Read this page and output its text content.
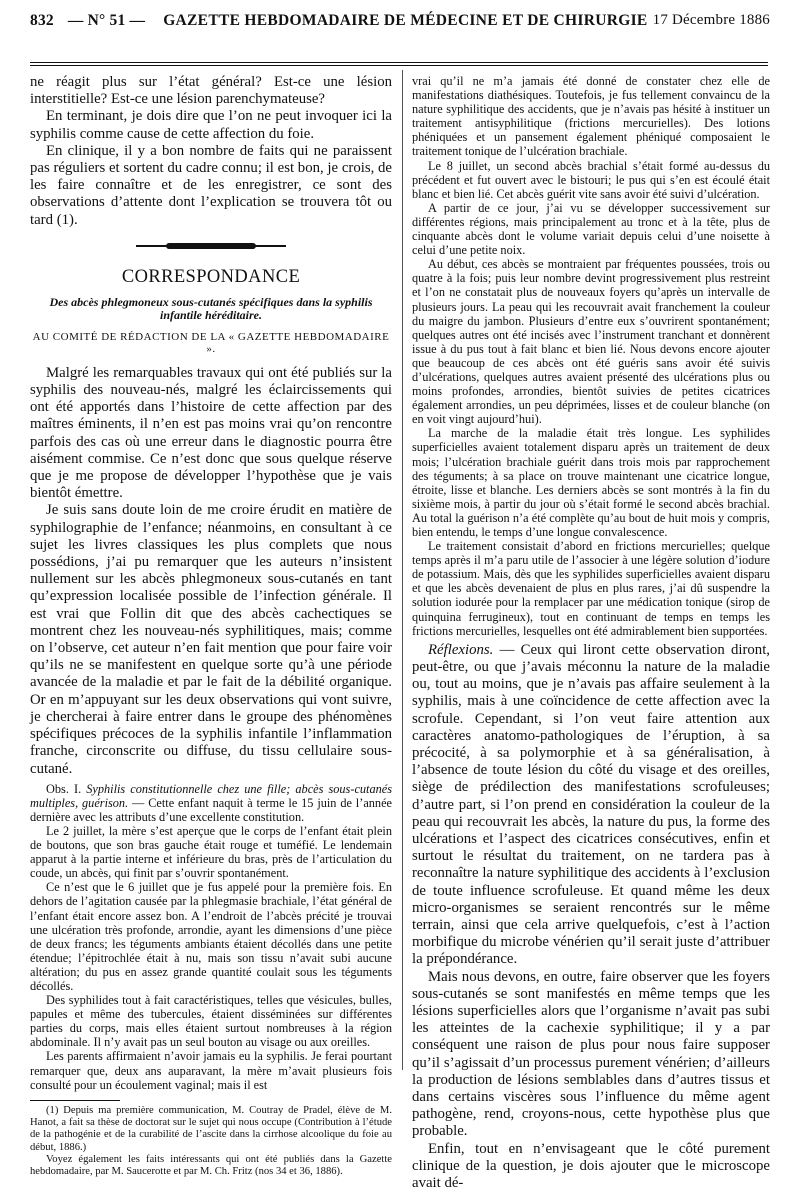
832 — N° 51 — GAZETTE HEBDOMADAIRE DE MÉDECINE ET DE CHIRURGIE 17 Décembre 1886

ne réagit plus sur l’état général? Est-ce une lésion interstitielle? Est-ce une lésion parenchymateuse?

En terminant, je dois dire que l’on ne peut invoquer ici la syphilis comme cause de cette affection du foie.

En clinique, il y a bon nombre de faits qui ne paraissent pas réguliers et sortent du cadre connu; il est bon, je crois, de les faire connaître et de les enregistrer, ce sont des observations d’attente dont l’explication se trouvera tôt ou tard (1).

CORRESPONDANCE
Des abcès phlegmoneux sous-cutanés spécifiques dans la syphilis infantile héréditaire.
AU COMITÉ DE RÉDACTION DE LA « GAZETTE HEBDOMADAIRE ».

Malgré les remarquables travaux qui ont été publiés sur la syphilis des nouveau-nés, malgré les éclaircissements qui ont été apportés dans l’histoire de cette affection par des maîtres éminents, il n’en est pas moins vrai qu’on rencontre parfois des cas où une erreur dans le diagnostic pourra être aisément commise. Ce n’est donc que sous quelque réserve que je me propose de développer l’hypothèse que je vais bientôt émettre.

Je suis sans doute loin de me croire érudit en matière de syphilographie de l’enfance; néanmoins, en consultant à ce sujet les livres classiques les plus complets que nous possédions, j’ai pu remarquer que les auteurs n’insistent nullement sur les abcès phlegmoneux sous-cutanés en tant qu’expression localisée possible de l’infection générale. Il est vrai que Follin dit que des abcès cachectiques se montrent chez les nouveau-nés syphilitiques, mais; comme on l’observe, cet auteur n’en fait mention que pour faire voir qu’ils ne se manifestent en quelque sorte qu’à une période avancée de la maladie et par le fait de la débilité organique. Or en m’appuyant sur les deux observations qui vont suivre, je chercherai à faire entrer dans le groupe des phénomènes spécifiques précoces de la syphilis infantile l’inflammation franche, circonscrite ou diffuse, du tissu cellulaire sous-cutané.

Obs. I. Syphilis constitutionnelle chez une fille; abcès sous-cutanés multiples, guérison. — Cette enfant naquit à terme le 15 juin de l’année dernière avec les attributs d’une excellente constitution.

Le 2 juillet, la mère s’est aperçue que le corps de l’enfant était plein de boutons, que son bras gauche était rouge et tuméfié. Le lendemain apparut à la partie interne et inférieure du bras, près de l’articulation du coude, un abcès, qui finit par s’ouvrir spontanément.

Ce n’est que le 6 juillet que je fus appelé pour la première fois. En dehors de l’agitation causée par la phlegmasie brachiale, l’état général de l’enfant était encore assez bon. A l’endroit de l’abcès précité je trouvai une ulcération très profonde, arrondie, ayant les dimensions d’une pièce de deux francs; les téguments ambiants étaient décollés dans une petite étendue; l’épitrochlée était à nu, mais son tissu n’avait subi aucune altération; du pus en assez grande quantité coulait sous les téguments décollés.

Des syphilides tout à fait caractéristiques, telles que vésicules, bulles, papules et même des tubercules, étaient disséminées sur différentes parties du corps, mais elles étaient surtout nombreuses à la région abdominale. Il n’y avait pas un seul bouton au visage ou aux oreilles.

Les parents affirmaient n’avoir jamais eu la syphilis. Je ferai pourtant remarquer que, deux ans auparavant, la mère m’avait plusieurs fois consulté pour un écoulement vaginal; mais il est

(1) Depuis ma première communication, M. Coutray de Pradel, élève de M. Hanot, a fait sa thèse de doctorat sur le sujet qui nous occupe (Contribution à l’étude de la pathogénie et de la curabilité de l’ascite dans la cirrhose alcoolique du foie au début, 1886.)

Voyez également les faits intéressants qui ont été publiés dans la Gazette hebdomadaire, par M. Saucerotte et par M. Ch. Fritz (nos 34 et 36, 1886).

vrai qu’il ne m’a jamais été donné de constater chez elle de manifestations diathésiques. Toutefois, je fus tellement convaincu de la nature syphilitique des accidents, que je n’avais pas hésité à instituer un traitement antisyphilitique (frictions mercurielles). Des lotions phéniquées et un pansement également phéniqué composaient le traitement tonique de l’ulcération brachiale.

Le 8 juillet, un second abcès brachial s’était formé au-dessus du précédent et fut ouvert avec le bistouri; le pus qui s’en est écoulé était blanc et bien lié. Cet abcès guérit vite sans avoir été suivi d’ulcération.

A partir de ce jour, j’ai vu se développer successivement sur différentes régions, mais principalement au tronc et à la tête, plus de cinquante abcès dont le volume variait depuis celui d’une noisette à celui d’une petite noix.

Au début, ces abcès se montraient par fréquentes poussées, trois ou quatre à la fois; puis leur nombre devint progressivement plus restreint et l’on ne constatait plus de nouveaux foyers qu’après un intervalle de plusieurs jours. La peau qui les recouvrait avait franchement la couleur du maigre du jambon. Plusieurs d’entre eux s’ouvrirent spontanément; quelques autres ont été incisés avec l’instrument tranchant et donnèrent issue à du pus tout à fait blanc et bien lié. Nous devons encore ajouter que beaucoup de ces abcès ont été guéris sans avoir été suivis d’ulcérations, quelques autres avaient présenté des ulcérations plus ou moins profondes, arrondies, bientôt suivies de petites cicatrices également arrondies, un peu déprimées, lisses et de couleur blanche (on en voit vingt aujourd’hui).

La marche de la maladie était très longue. Les syphilides superficielles avaient totalement disparu après un traitement de deux mois; l’ulcération brachiale guérit dans trois mois par rapprochement des téguments; à sa place on trouve maintenant une cicatrice longue, étroite, lisse et blanche. Les derniers abcès se sont montrés à la fin du sixième mois, à partir du jour où s’était formé le second abcès brachial. Au total la guérison n’a été complète qu’au bout de huit mois y compris, bien entendu, le temps d’une longue convalescence.

Le traitement consistait d’abord en frictions mercurielles; quelque temps après il m’a paru utile de l’associer à une légère solution d’iodure de potassium. Mais, dès que les syphilides superficielles avaient disparu et que les abcès devenaient de plus en plus rares, j’ai dû suspendre la solution iodurée pour la remplacer par une médication tonique (sirop de quinquina ferrugineux), tout en continuant de temps en temps les frictions mercurielles, lesquelles ont été admirablement bien supportées.

Réflexions. — Ceux qui liront cette observation diront, peut-être, ou que j’avais méconnu la nature de la maladie ou, tout au moins, que je n’avais pas affaire seulement à la syphilis, mais à une coïncidence de cette affection avec la scrofule. Cependant, si l’on veut faire attention aux caractères anatomo-pathologiques de l’éruption, à sa précocité, à sa polymorphie et à sa généralisation, à l’absence de toute lésion du côté du visage et des oreilles, siège de prédilection des manifestations scrofuleuses; d’autre part, si l’on prend en considération la couleur de la peau qui recouvrait les abcès, la nature du pus, la forme des ulcérations et l’aspect des cicatrices consécutives, enfin et surtout le résultat du traitement, on ne tardera pas à reconnaître la nature syphilitique des accidents à l’exclusion de toute influence scrofuleuse. Et quand même les deux micro-organismes se seraient rencontrés sur le même terrain, ainsi que cela arrive quelquefois, c’est à l’action morbifique du microbe vénérien qu’il serait juste d’attribuer la prépondérance.

Mais nous devons, en outre, faire observer que les foyers sous-cutanés se sont manifestés en même temps que les lésions superficielles alors que l’organisme n’avait pas subi les atteintes de la cachexie syphilitique; il y a par conséquent une raison de plus pour nous faire supposer qu’il s’agissait d’un processus purement vénérien; d’ailleurs la production de lésions semblables dans d’autres tissus et dans certains viscères sous l’influence du même agent pathogène, rend, croyons-nous, cette hypothèse plus que probable.

Enfin, tout en n’envisageant que le côté purement clinique de la question, je dois ajouter que le microscope avait dé-
